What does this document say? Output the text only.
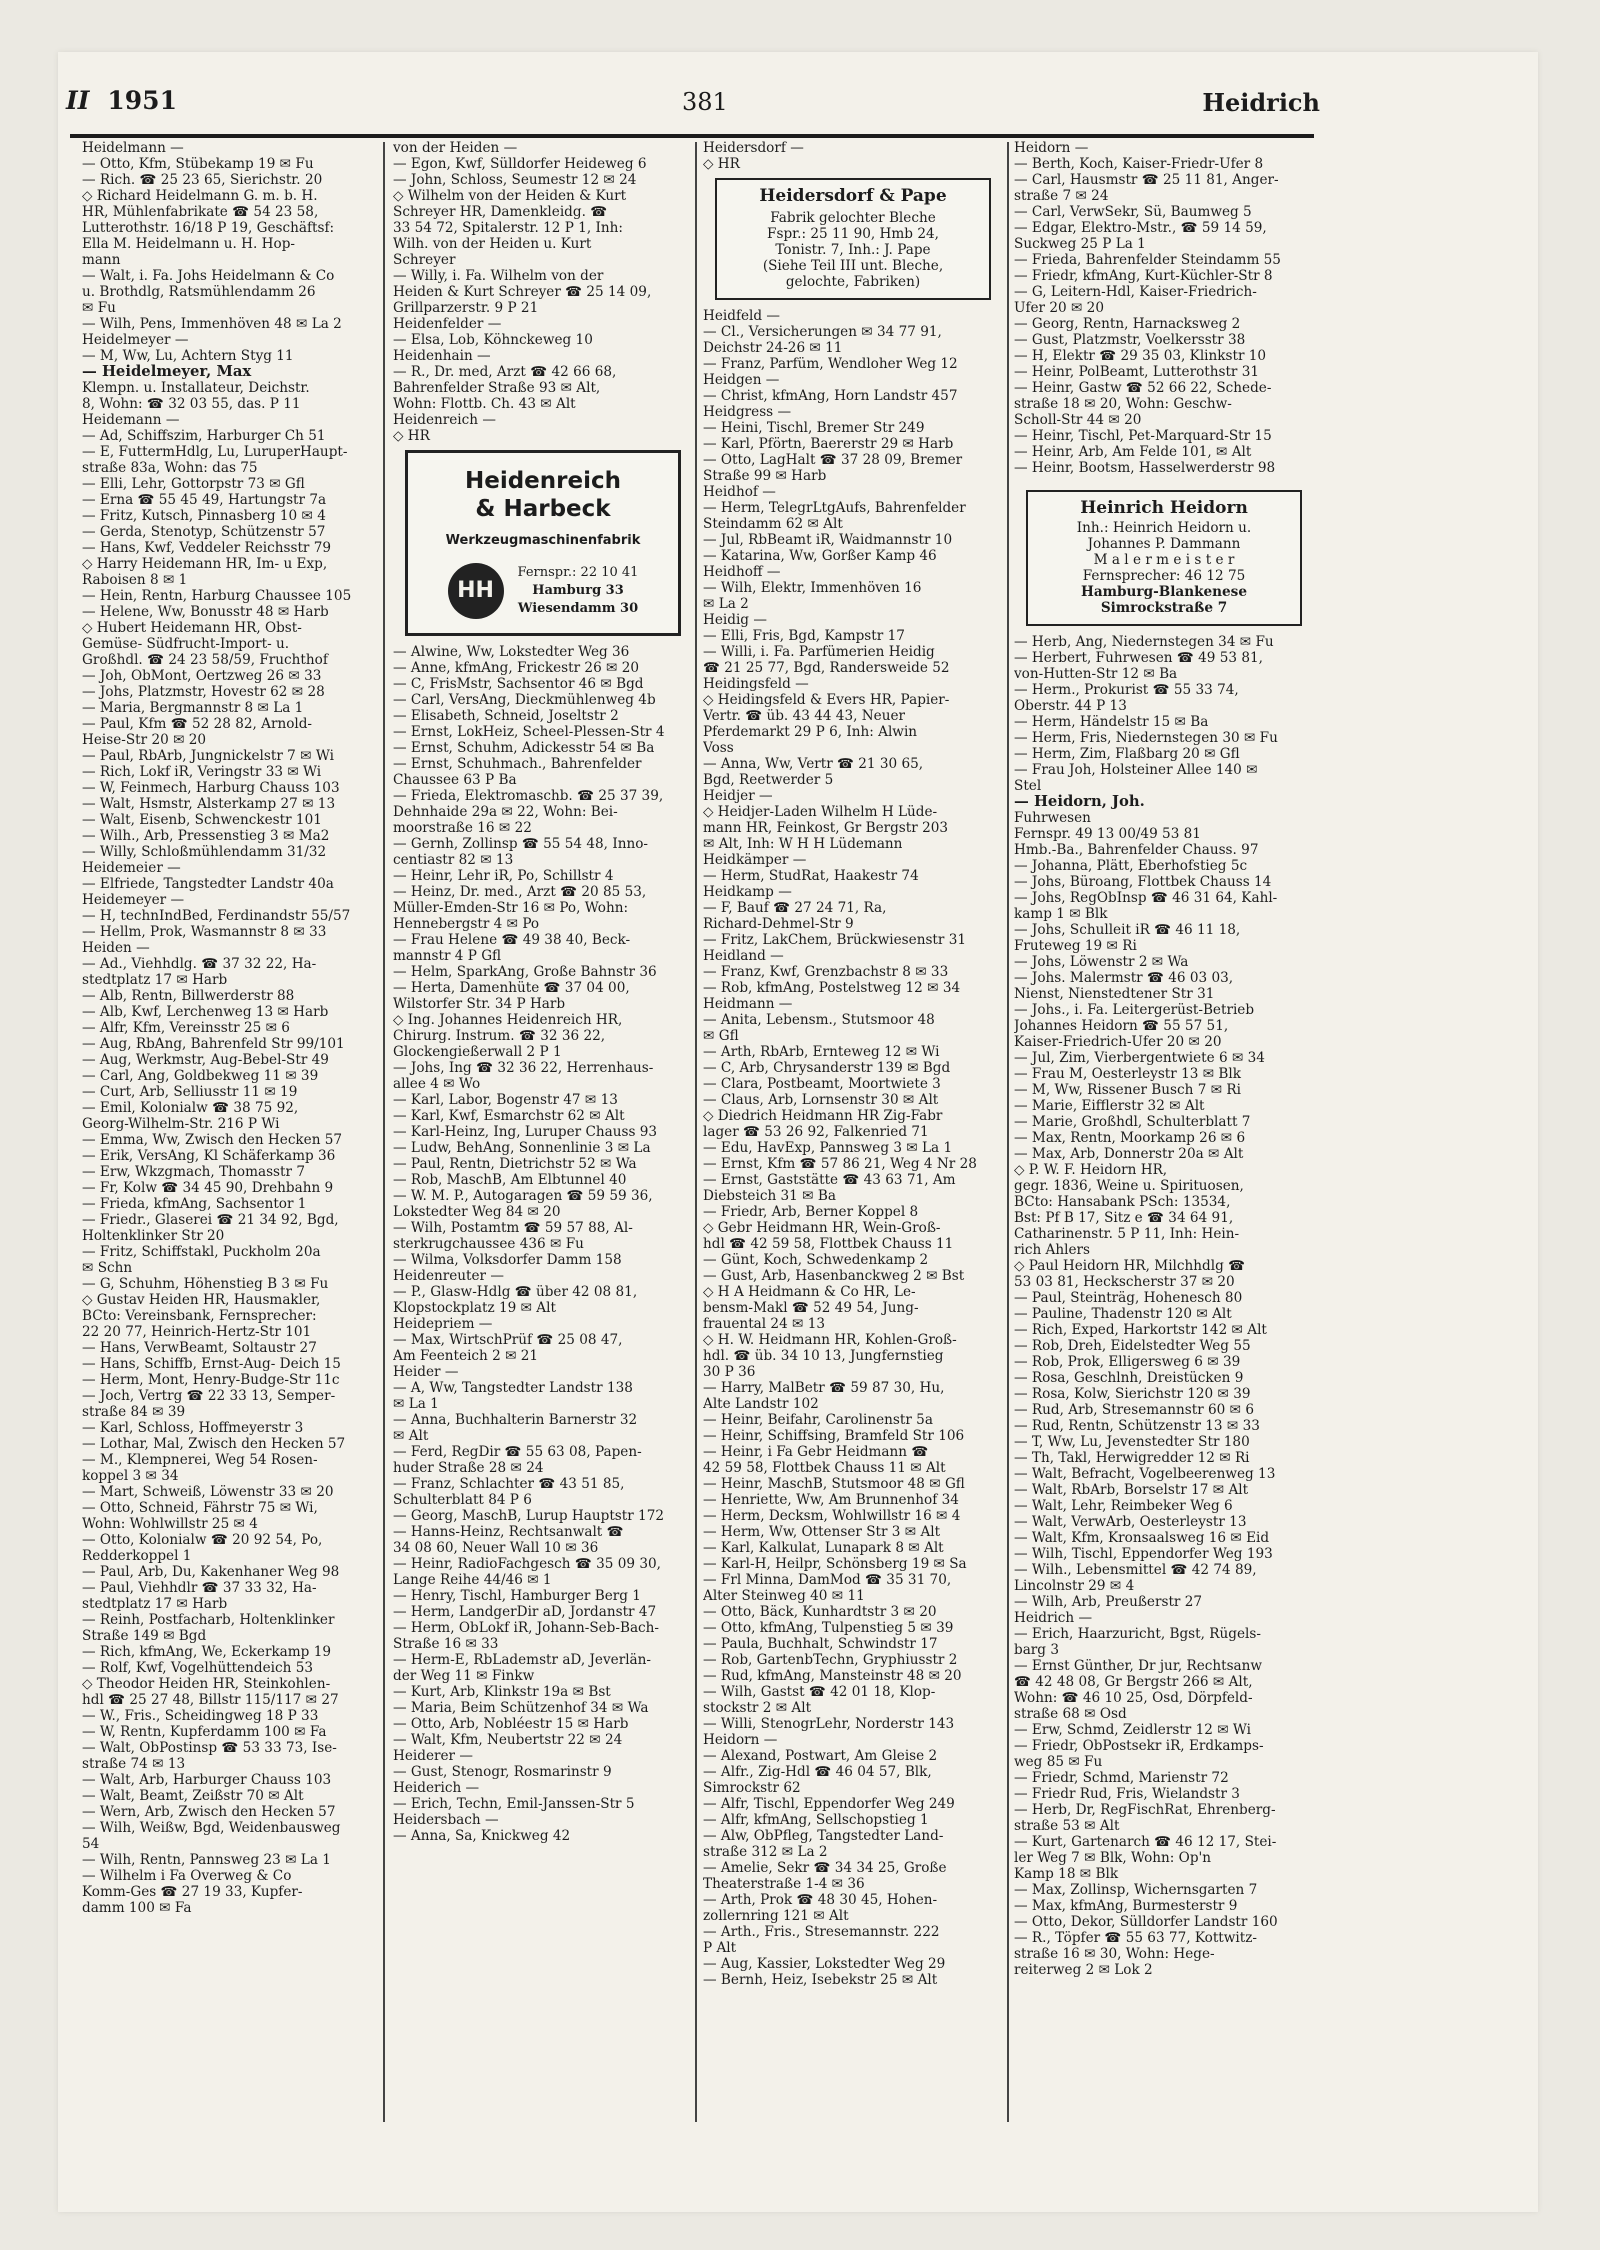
II 1951	381	Heidrich
Heidelmann —
— Otto, Kfm, Stübekamp 19 ✉ Fu
— Rich. ☎ 25 23 65, Sierichstr. 20
◇ Richard Heidelmann G. m. b. H.
HR, Mühlenfabrikate ☎ 54 23 58,
Lutterothstr. 16/18 P 19, Geschäftsf:
Ella M. Heidelmann u. H. Hop-
mann
— Walt, i. Fa. Johs Heidelmann & Co
u. Brothdlg, Ratsmühlendamm 26
✉ Fu
— Wilh, Pens, Immenhöven 48 ✉ La 2
Heidelmeyer —
— M, Ww, Lu, Achtern Styg 11
— Heidelmeyer, Max
Klempn. u. Installateur, Deichstr.
8, Wohn: ☎ 32 03 55, das. P 11
Heidemann —
— Ad, Schiffszim, Harburger Ch 51
— E, FuttermHdlg, Lu, LuruperHaupt-
straße 83a, Wohn: das 75
— Elli, Lehr, Gottorpstr 73 ✉ Gfl
— Erna ☎ 55 45 49, Hartungstr 7a
— Fritz, Kutsch, Pinnasberg 10 ✉ 4
— Gerda, Stenotyp, Schützenstr 57
— Hans, Kwf, Veddeler Reichsstr 79
◇ Harry Heidemann HR, Im- u Exp,
Raboisen 8 ✉ 1
— Hein, Rentn, Harburg Chaussee 105
— Helene, Ww, Bonusstr 48 ✉ Harb
◇ Hubert Heidemann HR, Obst-
Gemüse- Südfrucht-Import- u.
Großhdl. ☎ 24 23 58/59, Fruchthof
— Joh, ObMont, Oertzweg 26 ✉ 33
— Johs, Platzmstr, Hovestr 62 ✉ 28
— Maria, Bergmannstr 8 ✉ La 1
— Paul, Kfm ☎ 52 28 82, Arnold-
Heise-Str 20 ✉ 20
— Paul, RbArb, Jungnickelstr 7 ✉ Wi
— Rich, Lokf iR, Veringstr 33 ✉ Wi
— W, Feinmech, Harburg Chauss 103
— Walt, Hsmstr, Alsterkamp 27 ✉ 13
— Walt, Eisenb, Schwenckestr 101
— Wilh., Arb, Pressenstieg 3 ✉ Ma2
— Willy, Schloßmühlendamm 31/32
Heidemeier —
— Elfriede, Tangstedter Landstr 40a
Heidemeyer —
— H, technIndBed, Ferdinandstr 55/57
— Hellm, Prok, Wasmannstr 8 ✉ 33
Heiden —
— Ad., Viehhdlg. ☎ 37 32 22, Ha-
stedtplatz 17 ✉ Harb
— Alb, Rentn, Billwerderstr 88
— Alb, Kwf, Lerchenweg 13 ✉ Harb
— Alfr, Kfm, Vereinsstr 25 ✉ 6
— Aug, RbAng, Bahrenfeld Str 99/101
— Aug, Werkmstr, Aug-Bebel-Str 49
— Carl, Ang, Goldbekweg 11 ✉ 39
— Curt, Arb, Selliusstr 11 ✉ 19
— Emil, Kolonialw ☎ 38 75 92,
Georg-Wilhelm-Str. 216 P Wi
— Emma, Ww, Zwisch den Hecken 57
— Erik, VersAng, Kl Schäferkamp 36
— Erw, Wkzgmach, Thomasstr 7
— Fr, Kolw ☎ 34 45 90, Drehbahn 9
— Frieda, kfmAng, Sachsentor 1
— Friedr., Glaserei ☎ 21 34 92, Bgd,
Holtenklinker Str 20
— Fritz, Schiffstakl, Puckholm 20a
✉ Schn
— G, Schuhm, Höhenstieg B 3 ✉ Fu
◇ Gustav Heiden HR, Hausmakler,
BCto: Vereinsbank, Fernsprecher:
22 20 77, Heinrich-Hertz-Str 101
— Hans, VerwBeamt, Soltaustr 27
— Hans, Schiffb, Ernst-Aug- Deich 15
— Herm, Mont, Henry-Budge-Str 11c
— Joch, Vertrg ☎ 22 33 13, Semper-
straße 84 ✉ 39
— Karl, Schloss, Hoffmeyerstr 3
— Lothar, Mal, Zwisch den Hecken 57
— M., Klempnerei, Weg 54 Rosen-
koppel 3 ✉ 34
— Mart, Schweiß, Löwenstr 33 ✉ 20
— Otto, Schneid, Fährstr 75 ✉ Wi,
Wohn: Wohlwillstr 25 ✉ 4
— Otto, Kolonialw ☎ 20 92 54, Po,
Redderkoppel 1
— Paul, Arb, Du, Kakenhaner Weg 98
— Paul, Viehhdlr ☎ 37 33 32, Ha-
stedtplatz 17 ✉ Harb
— Reinh, Postfacharb, Holtenklinker
Straße 149 ✉ Bgd
— Rich, kfmAng, We, Eckerkamp 19
— Rolf, Kwf, Vogelhüttendeich 53
◇ Theodor Heiden HR, Steinkohlen-
hdl ☎ 25 27 48, Billstr 115/117 ✉ 27
— W., Fris., Scheidingweg 18 P 33
— W, Rentn, Kupferdamm 100 ✉ Fa
— Walt, ObPostinsp ☎ 53 33 73, Ise-
straße 74 ✉ 13
— Walt, Arb, Harburger Chauss 103
— Walt, Beamt, Zeißstr 70 ✉ Alt
— Wern, Arb, Zwisch den Hecken 57
— Wilh, Weißw, Bgd, Weidenbausweg
54
— Wilh, Rentn, Pannsweg 23 ✉ La 1
— Wilhelm i Fa Overweg & Co
Komm-Ges ☎ 27 19 33, Kupfer-
damm 100 ✉ Fa
von der Heiden —
— Egon, Kwf, Sülldorfer Heideweg 6
— John, Schloss, Seumestr 12 ✉ 24
◇ Wilhelm von der Heiden & Kurt
Schreyer HR, Damenkleidg. ☎
33 54 72, Spitalerstr. 12 P 1, Inh:
Wilh. von der Heiden u. Kurt
Schreyer
— Willy, i. Fa. Wilhelm von der
Heiden & Kurt Schreyer ☎ 25 14 09,
Grillparzerstr. 9 P 21
Heidenfelder —
— Elsa, Lob, Köhnckeweg 10
Heidenhain —
— R., Dr. med, Arzt ☎ 42 66 68,
Bahrenfelder Straße 93 ✉ Alt,
Wohn: Flottb. Ch. 43 ✉ Alt
Heidenreich —
◇ HR
Heidenreich
& Harbeck
Werkzeugmaschinenfabrik
HH
Fernspr.: 22 10 41
Hamburg 33
Wiesendamm 30
— Alwine, Ww, Lokstedter Weg 36
— Anne, kfmAng, Frickestr 26 ✉ 20
— C, FrisMstr, Sachsentor 46 ✉ Bgd
— Carl, VersAng, Dieckmühlenweg 4b
— Elisabeth, Schneid, Joseltstr 2
— Ernst, LokHeiz, Scheel-Plessen-Str 4
— Ernst, Schuhm, Adickesstr 54 ✉ Ba
— Ernst, Schuhmach., Bahrenfelder
Chaussee 63 P Ba
— Frieda, Elektromaschb. ☎ 25 37 39,
Dehnhaide 29a ✉ 22, Wohn: Bei-
moorstraße 16 ✉ 22
— Gernh, Zollinsp ☎ 55 54 48, Inno-
centiastr 82 ✉ 13
— Heinr, Lehr iR, Po, Schillstr 4
— Heinz, Dr. med., Arzt ☎ 20 85 53,
Müller-Emden-Str 16 ✉ Po, Wohn:
Hennebergstr 4 ✉ Po
— Frau Helene ☎ 49 38 40, Beck-
mannstr 4 P Gfl
— Helm, SparkAng, Große Bahnstr 36
— Herta, Damenhüte ☎ 37 04 00,
Wilstorfer Str. 34 P Harb
◇ Ing. Johannes Heidenreich HR,
Chirurg. Instrum. ☎ 32 36 22,
Glockengießerwall 2 P 1
— Johs, Ing ☎ 32 36 22, Herrenhaus-
allee 4 ✉ Wo
— Karl, Labor, Bogenstr 47 ✉ 13
— Karl, Kwf, Esmarchstr 62 ✉ Alt
— Karl-Heinz, Ing, Luruper Chauss 93
— Ludw, BehAng, Sonnenlinie 3 ✉ La
— Paul, Rentn, Dietrichstr 52 ✉ Wa
— Rob, MaschB, Am Elbtunnel 40
— W. M. P., Autogaragen ☎ 59 59 36,
Lokstedter Weg 84 ✉ 20
— Wilh, Postamtm ☎ 59 57 88, Al-
sterkrugchaussee 436 ✉ Fu
— Wilma, Volksdorfer Damm 158
Heidenreuter —
— P., Glasw-Hdlg ☎ über 42 08 81,
Klopstockplatz 19 ✉ Alt
Heidepriem —
— Max, WirtschPrüf ☎ 25 08 47,
Am Feenteich 2 ✉ 21
Heider —
— A, Ww, Tangstedter Landstr 138
✉ La 1
— Anna, Buchhalterin Barnerstr 32
✉ Alt
— Ferd, RegDir ☎ 55 63 08, Papen-
huder Straße 28 ✉ 24
— Franz, Schlachter ☎ 43 51 85,
Schulterblatt 84 P 6
— Georg, MaschB, Lurup Hauptstr 172
— Hanns-Heinz, Rechtsanwalt ☎
34 08 60, Neuer Wall 10 ✉ 36
— Heinr, RadioFachgesch ☎ 35 09 30,
Lange Reihe 44/46 ✉ 1
— Henry, Tischl, Hamburger Berg 1
— Herm, LandgerDir aD, Jordanstr 47
— Herm, ObLokf iR, Johann-Seb-Bach-
Straße 16 ✉ 33
— Herm-E, RbLademstr aD, Jeverlän-
der Weg 11 ✉ Finkw
— Kurt, Arb, Klinkstr 19a ✉ Bst
— Maria, Beim Schützenhof 34 ✉ Wa
— Otto, Arb, Nobléestr 15 ✉ Harb
— Walt, Kfm, Neubertstr 22 ✉ 24
Heiderer —
— Gust, Stenogr, Rosmarinstr 9
Heiderich —
— Erich, Techn, Emil-Janssen-Str 5
Heidersbach —
— Anna, Sa, Knickweg 42
Heidersdorf —
◇ HR
Heidersdorf & Pape
Fabrik gelochter Bleche
Fspr.: 25 11 90, Hmb 24,
Tonistr. 7, Inh.: J. Pape
(Siehe Teil III unt. Bleche,
gelochte, Fabriken)
Heidfeld —
— Cl., Versicherungen ✉ 34 77 91,
Deichstr 24-26 ✉ 11
— Franz, Parfüm, Wendloher Weg 12
Heidgen —
— Christ, kfmAng, Horn Landstr 457
Heidgress —
— Heini, Tischl, Bremer Str 249
— Karl, Pförtn, Baererstr 29 ✉ Harb
— Otto, LagHalt ☎ 37 28 09, Bremer
Straße 99 ✉ Harb
Heidhof —
— Herm, TelegrLtgAufs, Bahrenfelder
Steindamm 62 ✉ Alt
— Jul, RbBeamt iR, Waidmannstr 10
— Katarina, Ww, Gorßer Kamp 46
Heidhoff —
— Wilh, Elektr, Immenhöven 16
✉ La 2
Heidig —
— Elli, Fris, Bgd, Kampstr 17
— Willi, i. Fa. Parfümerien Heidig
☎ 21 25 77, Bgd, Randersweide 52
Heidingsfeld —
◇ Heidingsfeld & Evers HR, Papier-
Vertr. ☎ üb. 43 44 43, Neuer
Pferdemarkt 29 P 6, Inh: Alwin
Voss
— Anna, Ww, Vertr ☎ 21 30 65,
Bgd, Reetwerder 5
Heidjer —
◇ Heidjer-Laden Wilhelm H Lüde-
mann HR, Feinkost, Gr Bergstr 203
✉ Alt, Inh: W H H Lüdemann
Heidkämper —
— Herm, StudRat, Haakestr 74
Heidkamp —
— F, Bauf ☎ 27 24 71, Ra,
Richard-Dehmel-Str 9
— Fritz, LakChem, Brückwiesenstr 31
Heidland —
— Franz, Kwf, Grenzbachstr 8 ✉ 33
— Rob, kfmAng, Postelstweg 12 ✉ 34
Heidmann —
— Anita, Lebensm., Stutsmoor 48
✉ Gfl
— Arth, RbArb, Ernteweg 12 ✉ Wi
— C, Arb, Chrysanderstr 139 ✉ Bgd
— Clara, Postbeamt, Moortwiete 3
— Claus, Arb, Lornsenstr 30 ✉ Alt
◇ Diedrich Heidmann HR Zig-Fabr
lager ☎ 53 26 92, Falkenried 71
— Edu, HavExp, Pannsweg 3 ✉ La 1
— Ernst, Kfm ☎ 57 86 21, Weg 4 Nr 28
— Ernst, Gaststätte ☎ 43 63 71, Am
Diebsteich 31 ✉ Ba
— Friedr, Arb, Berner Koppel 8
◇ Gebr Heidmann HR, Wein-Groß-
hdl ☎ 42 59 58, Flottbek Chauss 11
— Günt, Koch, Schwedenkamp 2
— Gust, Arb, Hasenbanckweg 2 ✉ Bst
◇ H A Heidmann & Co HR, Le-
bensm-Makl ☎ 52 49 54, Jung-
frauental 24 ✉ 13
◇ H. W. Heidmann HR, Kohlen-Groß-
hdl. ☎ üb. 34 10 13, Jungfernstieg
30 P 36
— Harry, MalBetr ☎ 59 87 30, Hu,
Alte Landstr 102
— Heinr, Beifahr, Carolinenstr 5a
— Heinr, Schiffsing, Bramfeld Str 106
— Heinr, i Fa Gebr Heidmann ☎
42 59 58, Flottbek Chauss 11 ✉ Alt
— Heinr, MaschB, Stutsmoor 48 ✉ Gfl
— Henriette, Ww, Am Brunnenhof 34
— Herm, Decksm, Wohlwillstr 16 ✉ 4
— Herm, Ww, Ottenser Str 3 ✉ Alt
— Karl, Kalkulat, Lunapark 8 ✉ Alt
— Karl-H, Heilpr, Schönsberg 19 ✉ Sa
— Frl Minna, DamMod ☎ 35 31 70,
Alter Steinweg 40 ✉ 11
— Otto, Bäck, Kunhardtstr 3 ✉ 20
— Otto, kfmAng, Tulpenstieg 5 ✉ 39
— Paula, Buchhalt, Schwindstr 17
— Rob, GartenbTechn, Gryphiusstr 2
— Rud, kfmAng, Mansteinstr 48 ✉ 20
— Wilh, Gastst ☎ 42 01 18, Klop-
stockstr 2 ✉ Alt
— Willi, StenogrLehr, Norderstr 143
Heidorn —
— Alexand, Postwart, Am Gleise 2
— Alfr., Zig-Hdl ☎ 46 04 57, Blk,
Simrockstr 62
— Alfr, Tischl, Eppendorfer Weg 249
— Alfr, kfmAng, Sellschopstieg 1
— Alw, ObPfleg, Tangstedter Land-
straße 312 ✉ La 2
— Amelie, Sekr ☎ 34 34 25, Große
Theaterstraße 1-4 ✉ 36
— Arth, Prok ☎ 48 30 45, Hohen-
zollernring 121 ✉ Alt
— Arth., Fris., Stresemannstr. 222
P Alt
— Aug, Kassier, Lokstedter Weg 29
— Bernh, Heiz, Isebekstr 25 ✉ Alt
Heidorn —
— Berth, Koch, Kaiser-Friedr-Ufer 8
— Carl, Hausmstr ☎ 25 11 81, Anger-
straße 7 ✉ 24
— Carl, VerwSekr, Sü, Baumweg 5
— Edgar, Elektro-Mstr., ☎ 59 14 59,
Suckweg 25 P La 1
— Frieda, Bahrenfelder Steindamm 55
— Friedr, kfmAng, Kurt-Küchler-Str 8
— G, Leitern-Hdl, Kaiser-Friedrich-
Ufer 20 ✉ 20
— Georg, Rentn, Harnacksweg 2
— Gust, Platzmstr, Voelkersstr 38
— H, Elektr ☎ 29 35 03, Klinkstr 10
— Heinr, PolBeamt, Lutterothstr 31
— Heinr, Gastw ☎ 52 66 22, Schede-
straße 18 ✉ 20, Wohn: Geschw-
Scholl-Str 44 ✉ 20
— Heinr, Tischl, Pet-Marquard-Str 15
— Heinr, Arb, Am Felde 101, ✉ Alt
— Heinr, Bootsm, Hasselwerderstr 98
Heinrich Heidorn
Inh.: Heinrich Heidorn u.
Johannes P. Dammann
M a l e r m e i s t e r
Fernsprecher: 46 12 75
Hamburg-Blankenese
Simrockstraße 7
— Herb, Ang, Niedernstegen 34 ✉ Fu
— Herbert, Fuhrwesen ☎ 49 53 81,
von-Hutten-Str 12 ✉ Ba
— Herm., Prokurist ☎ 55 33 74,
Oberstr. 44 P 13
— Herm, Händelstr 15 ✉ Ba
— Herm, Fris, Niedernstegen 30 ✉ Fu
— Herm, Zim, Flaßbarg 20 ✉ Gfl
— Frau Joh, Holsteiner Allee 140 ✉
Stel
— Heidorn, Joh.
Fuhrwesen
Fernspr. 49 13 00/49 53 81
Hmb.-Ba., Bahrenfelder Chauss. 97
— Johanna, Plätt, Eberhofstieg 5c
— Johs, Büroang, Flottbek Chauss 14
— Johs, RegObInsp ☎ 46 31 64, Kahl-
kamp 1 ✉ Blk
— Johs, Schulleit iR ☎ 46 11 18,
Fruteweg 19 ✉ Ri
— Johs, Löwenstr 2 ✉ Wa
— Johs. Malermstr ☎ 46 03 03,
Nienst, Nienstedtener Str 31
— Johs., i. Fa. Leitergerüst-Betrieb
Johannes Heidorn ☎ 55 57 51,
Kaiser-Friedrich-Ufer 20 ✉ 20
— Jul, Zim, Vierbergentwiete 6 ✉ 34
— Frau M, Oesterleystr 13 ✉ Blk
— M, Ww, Rissener Busch 7 ✉ Ri
— Marie, Eifflerstr 32 ✉ Alt
— Marie, Großhdl, Schulterblatt 7
— Max, Rentn, Moorkamp 26 ✉ 6
— Max, Arb, Donnerstr 20a ✉ Alt
◇ P. W. F. Heidorn HR,
gegr. 1836, Weine u. Spirituosen,
BCto: Hansabank PSch: 13534,
Bst: Pf B 17, Sitz e ☎ 34 64 91,
Catharinenstr. 5 P 11, Inh: Hein-
rich Ahlers
◇ Paul Heidorn HR, Milchhdlg ☎
53 03 81, Heckscherstr 37 ✉ 20
— Paul, Steinträg, Hohenesch 80
— Pauline, Thadenstr 120 ✉ Alt
— Rich, Exped, Harkortstr 142 ✉ Alt
— Rob, Dreh, Eidelstedter Weg 55
— Rob, Prok, Elligersweg 6 ✉ 39
— Rosa, Geschlnh, Dreistücken 9
— Rosa, Kolw, Sierichstr 120 ✉ 39
— Rud, Arb, Stresemannstr 60 ✉ 6
— Rud, Rentn, Schützenstr 13 ✉ 33
— T, Ww, Lu, Jevenstedter Str 180
— Th, Takl, Herwigredder 12 ✉ Ri
— Walt, Befracht, Vogelbeerenweg 13
— Walt, RbArb, Borselstr 17 ✉ Alt
— Walt, Lehr, Reimbeker Weg 6
— Walt, VerwArb, Oesterleystr 13
— Walt, Kfm, Kronsaalsweg 16 ✉ Eid
— Wilh, Tischl, Eppendorfer Weg 193
— Wilh., Lebensmittel ☎ 42 74 89,
Lincolnstr 29 ✉ 4
— Wilh, Arb, Preußerstr 27
Heidrich —
— Erich, Haarzuricht, Bgst, Rügels-
barg 3
— Ernst Günther, Dr jur, Rechtsanw
☎ 42 48 08, Gr Bergstr 266 ✉ Alt,
Wohn: ☎ 46 10 25, Osd, Dörpfeld-
straße 68 ✉ Osd
— Erw, Schmd, Zeidlerstr 12 ✉ Wi
— Friedr, ObPostsekr iR, Erdkamps-
weg 85 ✉ Fu
— Friedr, Schmd, Marienstr 72
— Friedr Rud, Fris, Wielandstr 3
— Herb, Dr, RegFischRat, Ehrenberg-
straße 53 ✉ Alt
— Kurt, Gartenarch ☎ 46 12 17, Stei-
ler Weg 7 ✉ Blk, Wohn: Op'n
Kamp 18 ✉ Blk
— Max, Zollinsp, Wichernsgarten 7
— Max, kfmAng, Burmesterstr 9
— Otto, Dekor, Sülldorfer Landstr 160
— R., Töpfer ☎ 55 63 77, Kottwitz-
straße 16 ✉ 30, Wohn: Hege-
reiterweg 2 ✉ Lok 2
